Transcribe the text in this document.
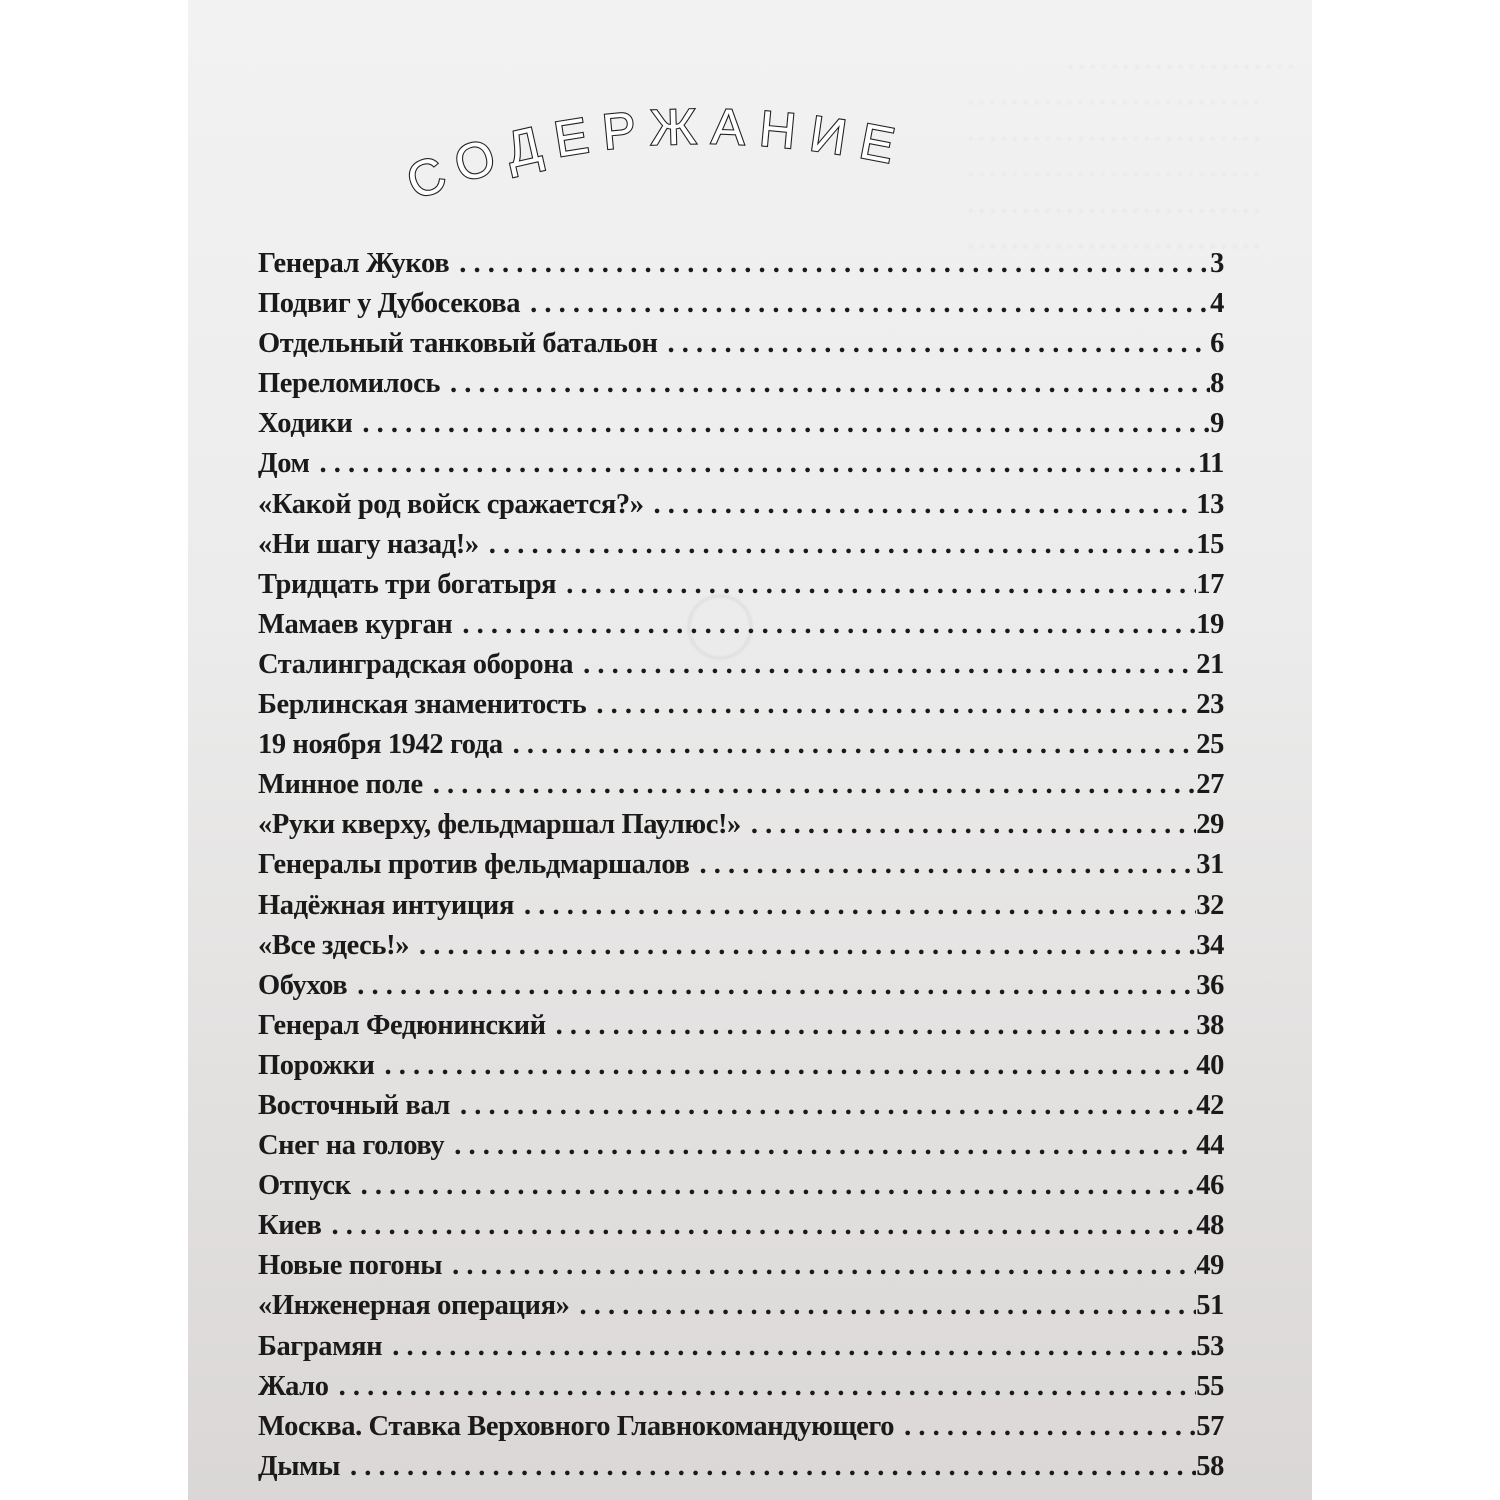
. . . . . . . . . . . . . . . . . . . . .
. . . . . . . . . . . . . . . . . . . . . . . . . . .
. . . . . . . . . . . . . . . . . . . . . . . . . . .
. . . . . . . . . . . . . . . . . . . . . . . . . . .
. . . . . . . . . . . . . . . . . . . . . . . . . . .
. . . . . . . . . . . . . . . . . . . . . . . . . . .
СОДЕРЖАНИЕ
Генерал Жуков . . .	3
Подвиг у Дубосекова . . .	4
Отдельный танковый батальон . . .	6
Переломилось . . .	8
Ходики . . .	9
Дом . . .	11
«Какой род войск сражается?» . . .	13
«Ни шагу назад!» . . .	15
Тридцать три богатыря . . .	17
Мамаев курган . . .	19
Сталинградская оборона . . .	21
Берлинская знаменитость . . .	23
19 ноября 1942 года . . .	25
Минное поле . . .	27
«Руки кверху, фельдмаршал Паулюс!» . . .	29
Генералы против фельдмаршалов . . .	31
Надёжная интуиция . . .	32
«Все здесь!» . . .	34
Обухов . . .	36
Генерал Федюнинский . . .	38
Порожки . . .	40
Восточный вал . . .	42
Снег на голову . . .	44
Отпуск . . .	46
Киев . . .	48
Новые погоны . . .	49
«Инженерная операция» . . .	51
Баграмян . . .	53
Жало . . .	55
Москва. Ставка Верховного Главнокомандующего . . .	57
Дымы . . .	58
